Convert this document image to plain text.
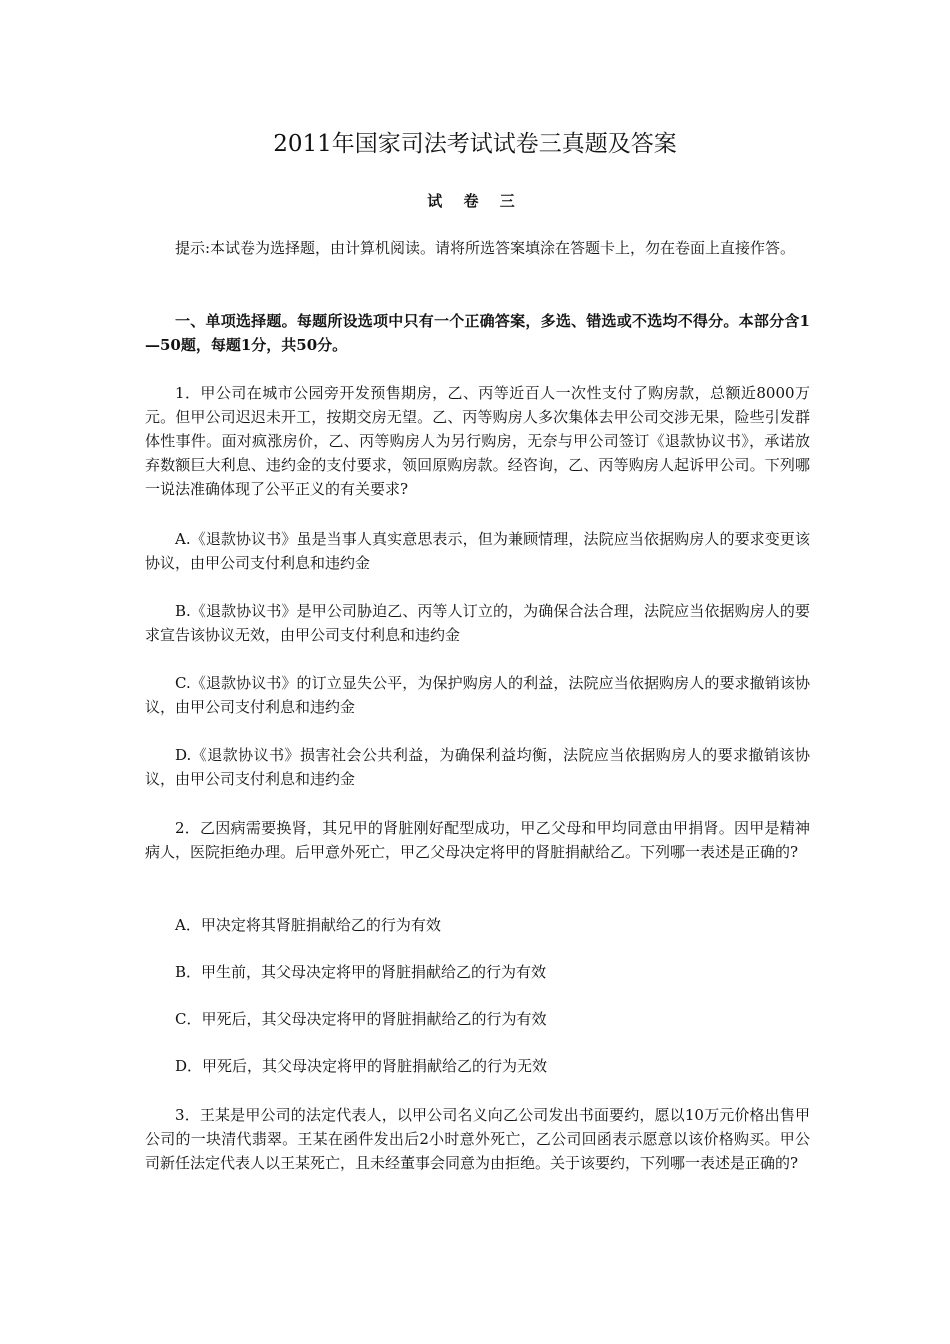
2011年国家司法考试试卷三真题及答案
试 卷 三

提示:本试卷为选择题，由计算机阅读。请将所选答案填涂在答题卡上，勿在卷面上直接作答。

一、单项选择题。每题所设选项中只有一个正确答案，多选、错选或不选均不得分。本部分含1—50题，每题1分，共50分。

1．甲公司在城市公园旁开发预售期房，乙、丙等近百人一次性支付了购房款，总额近8000万元。但甲公司迟迟未开工，按期交房无望。乙、丙等购房人多次集体去甲公司交涉无果，险些引发群体性事件。面对疯涨房价，乙、丙等购房人为另行购房，无奈与甲公司签订《退款协议书》，承诺放弃数额巨大利息、违约金的支付要求，领回原购房款。经咨询，乙、丙等购房人起诉甲公司。下列哪一说法准确体现了公平正义的有关要求?

A.《退款协议书》虽是当事人真实意思表示，但为兼顾情理，法院应当依据购房人的要求变更该协议，由甲公司支付利息和违约金

B.《退款协议书》是甲公司胁迫乙、丙等人订立的，为确保合法合理，法院应当依据购房人的要求宣告该协议无效，由甲公司支付利息和违约金

C.《退款协议书》的订立显失公平，为保护购房人的利益，法院应当依据购房人的要求撤销该协议，由甲公司支付利息和违约金

D.《退款协议书》损害社会公共利益，为确保利益均衡，法院应当依据购房人的要求撤销该协议，由甲公司支付利息和违约金

2．乙因病需要换肾，其兄甲的肾脏刚好配型成功，甲乙父母和甲均同意由甲捐肾。因甲是精神病人，医院拒绝办理。后甲意外死亡，甲乙父母决定将甲的肾脏捐献给乙。下列哪一表述是正确的?

A．甲决定将其肾脏捐献给乙的行为有效

B．甲生前，其父母决定将甲的肾脏捐献给乙的行为有效

C．甲死后，其父母决定将甲的肾脏捐献给乙的行为有效

D．甲死后，其父母决定将甲的肾脏捐献给乙的行为无效

3．王某是甲公司的法定代表人，以甲公司名义向乙公司发出书面要约，愿以10万元价格出售甲公司的一块清代翡翠。王某在函件发出后2小时意外死亡，乙公司回函表示愿意以该价格购买。甲公司新任法定代表人以王某死亡，且未经董事会同意为由拒绝。关于该要约，下列哪一表述是正确的?
